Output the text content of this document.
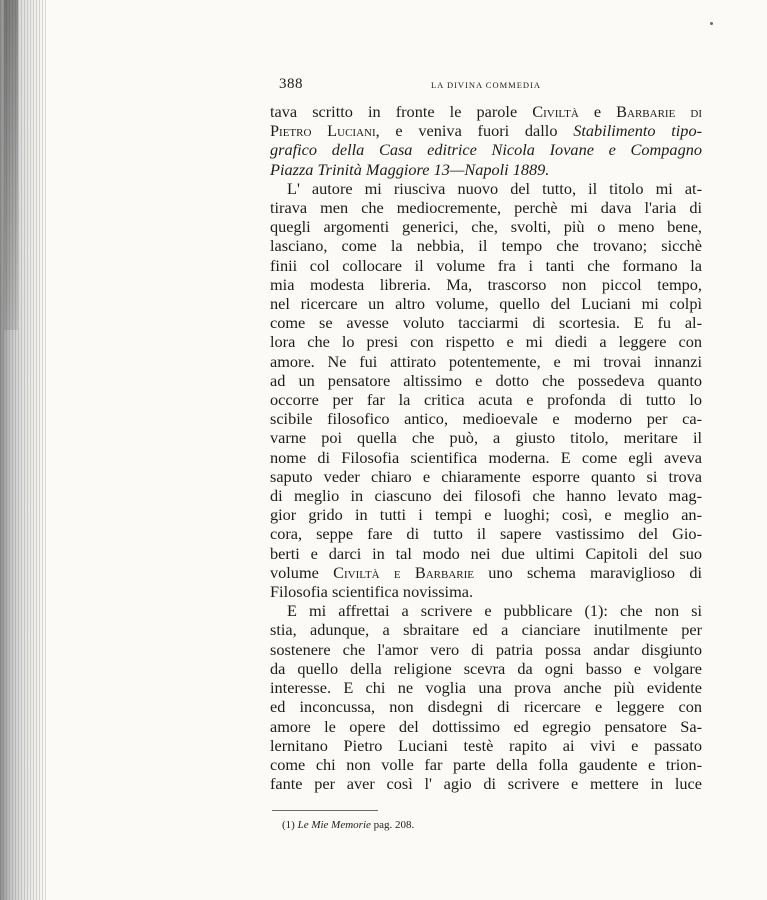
388	LA DIVINA COMMEDIA

tava scritto in fronte le parole Civiltà e Barbarie di

Pietro Luciani, e veniva fuori dallo Stabilimento tipo-

grafico della Casa editrice Nicola Iovane e Compagno

Piazza Trinità Maggiore 13—Napoli 1889.

L' autore mi riusciva nuovo del tutto, il titolo mi at-

tirava men che mediocremente, perchè mi dava l'aria di

quegli argomenti generici, che, svolti, più o meno bene,

lasciano, come la nebbia, il tempo che trovano; sicchè

finii col collocare il volume fra i tanti che formano la

mia modesta libreria. Ma, trascorso non piccol tempo,

nel ricercare un altro volume, quello del Luciani mi colpì

come se avesse voluto tacciarmi di scortesia. E fu al-

lora che lo presi con rispetto e mi diedi a leggere con

amore. Ne fui attirato potentemente, e mi trovai innanzi

ad un pensatore altissimo e dotto che possedeva quanto

occorre per far la critica acuta e profonda di tutto lo

scibile filosofico antico, medioevale e moderno per ca-

varne poi quella che può, a giusto titolo, meritare il

nome di Filosofia scientifica moderna. E come egli aveva

saputo veder chiaro e chiaramente esporre quanto si trova

di meglio in ciascuno dei filosofi che hanno levato mag-

gior grido in tutti i tempi e luoghi; così, e meglio an-

cora, seppe fare di tutto il sapere vastissimo del Gio-

berti e darci in tal modo nei due ultimi Capitoli del suo

volume Civiltà e Barbarie uno schema maraviglioso di

Filosofia scientifica novissima.

E mi affrettai a scrivere e pubblicare (1): che non si

stia, adunque, a sbraitare ed a cianciare inutilmente per

sostenere che l'amor vero di patria possa andar disgiunto

da quello della religione scevra da ogni basso e volgare

interesse. E chi ne voglia una prova anche più evidente

ed inconcussa, non disdegni di ricercare e leggere con

amore le opere del dottissimo ed egregio pensatore Sa-

lernitano Pietro Luciani testè rapito ai vivi e passato

come chi non volle far parte della folla gaudente e trion-

fante per aver così l' agio di scrivere e mettere in luce

(1) Le Mie Memorie pag. 208.
